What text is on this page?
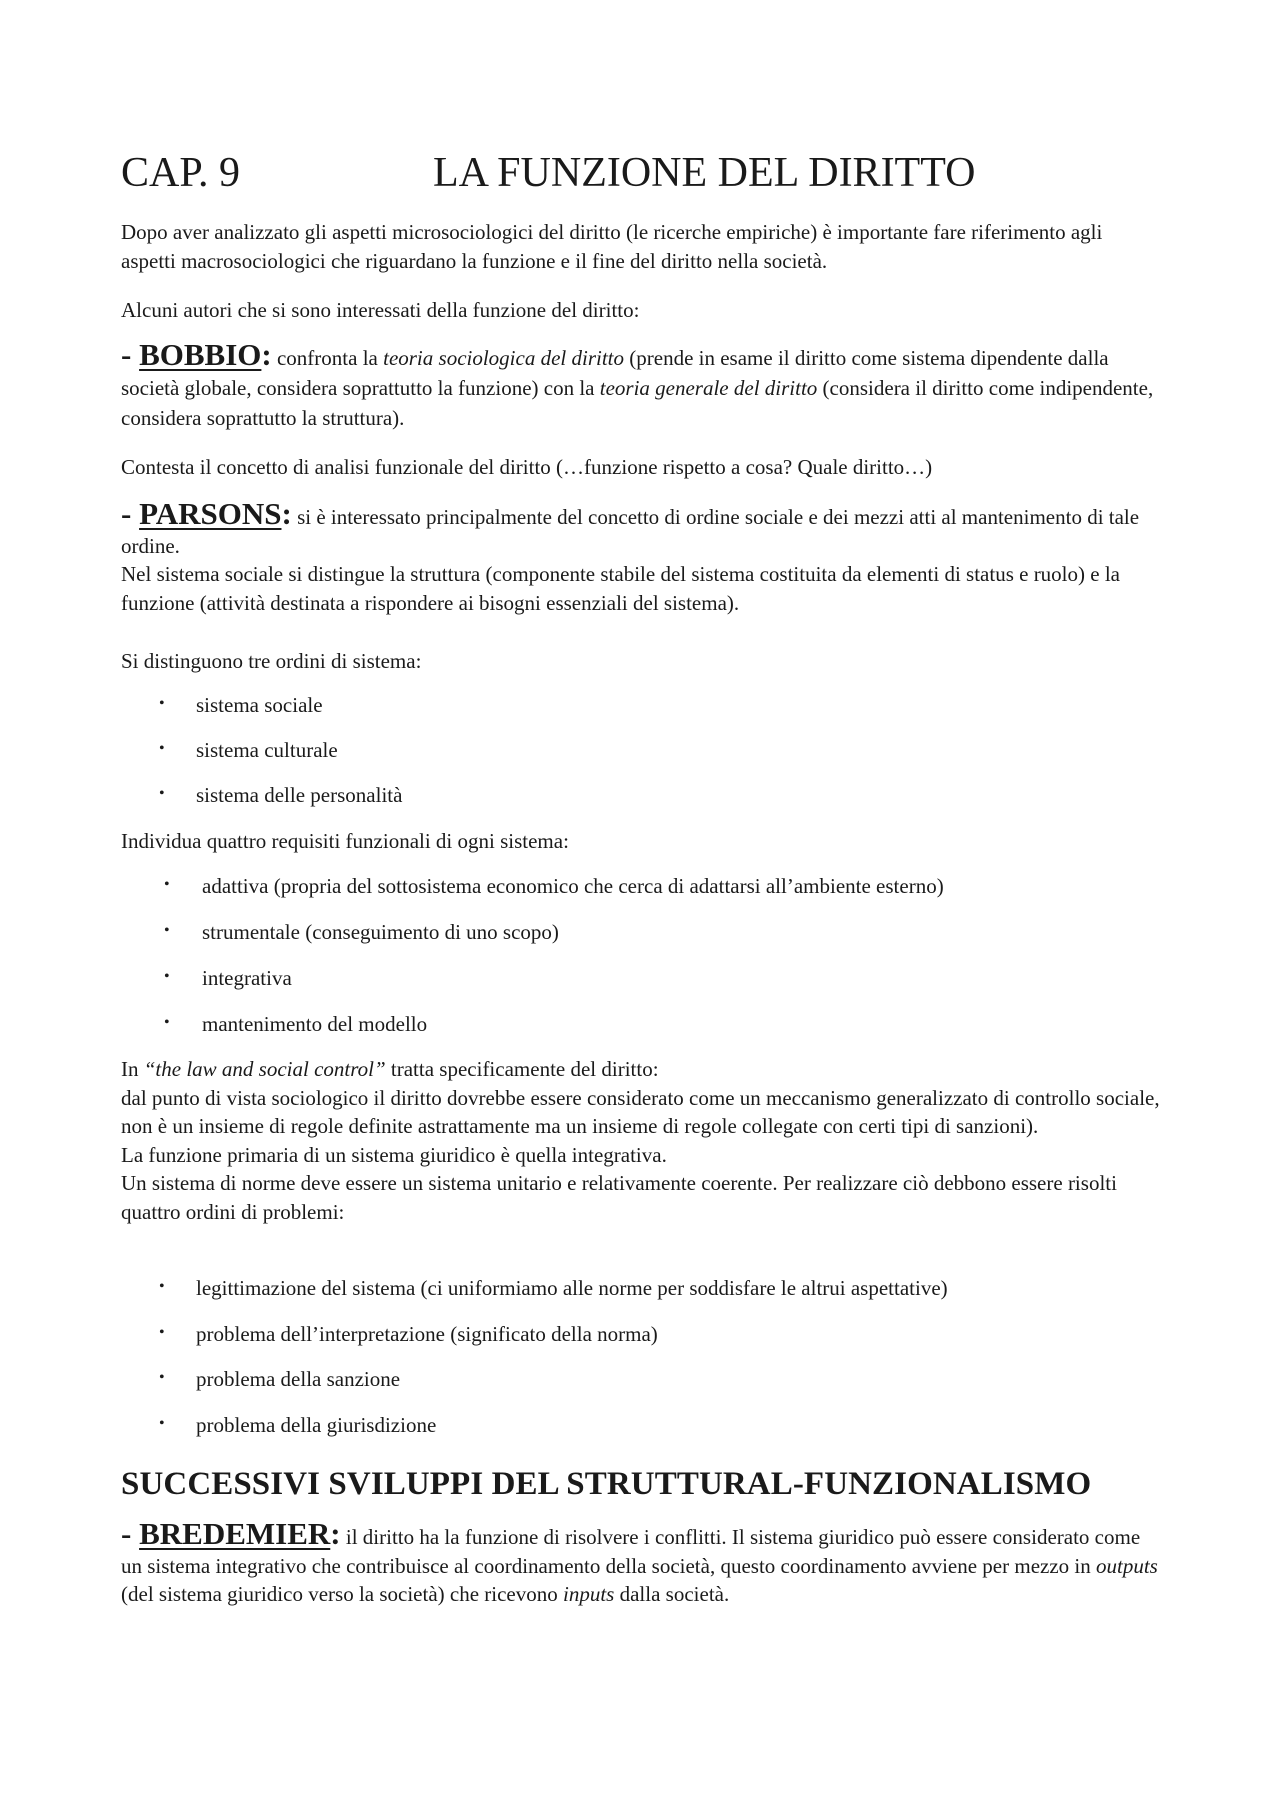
CAP. 9	LA FUNZIONE DEL DIRITTO

Dopo aver analizzato gli aspetti microsociologici del diritto (le ricerche empiriche) è importante fare riferimento agli aspetti macrosociologici che riguardano la funzione e il fine del diritto nella società.

Alcuni autori che si sono interessati della funzione del diritto:

- BOBBIO: confronta la teoria sociologica del diritto (prende in esame il diritto come sistema dipendente dalla società globale, considera soprattutto la funzione) con la teoria generale del diritto (considera il diritto come indipendente, considera soprattutto la struttura).

Contesta il concetto di analisi funzionale del diritto (…funzione rispetto a cosa? Quale diritto…)

- PARSONS: si è interessato principalmente del concetto di ordine sociale e dei mezzi atti al mantenimento di tale ordine.
Nel sistema sociale si distingue la struttura (componente stabile del sistema costituita da elementi di status e ruolo) e la funzione (attività destinata a rispondere ai bisogni essenziali del sistema).

Si distinguono tre ordini di sistema:

• sistema sociale
• sistema culturale
• sistema delle personalità

Individua quattro requisiti funzionali di ogni sistema:

• adattiva (propria del sottosistema economico che cerca di adattarsi all’ambiente esterno)
• strumentale (conseguimento di uno scopo)
• integrativa
• mantenimento del modello

In “the law and social control” tratta specificamente del diritto:
dal punto di vista sociologico il diritto dovrebbe essere considerato come un meccanismo generalizzato di controllo sociale, non è un insieme di regole definite astrattamente ma un insieme di regole collegate con certi tipi di sanzioni).
La funzione primaria di un sistema giuridico è quella integrativa.
Un sistema di norme deve essere un sistema unitario e relativamente coerente. Per realizzare ciò debbono essere risolti quattro ordini di problemi:

• legittimazione del sistema (ci uniformiamo alle norme per soddisfare le altrui aspettative)
• problema dell’interpretazione (significato della norma)
• problema della sanzione
• problema della giurisdizione
SUCCESSIVI SVILUPPI DEL STRUTTURAL-FUNZIONALISMO

- BREDEMIER: il diritto ha la funzione di risolvere i conflitti. Il sistema giuridico può essere considerato come un sistema integrativo che contribuisce al coordinamento della società, questo coordinamento avviene per mezzo in outputs (del sistema giuridico verso la società) che ricevono inputs dalla società.
